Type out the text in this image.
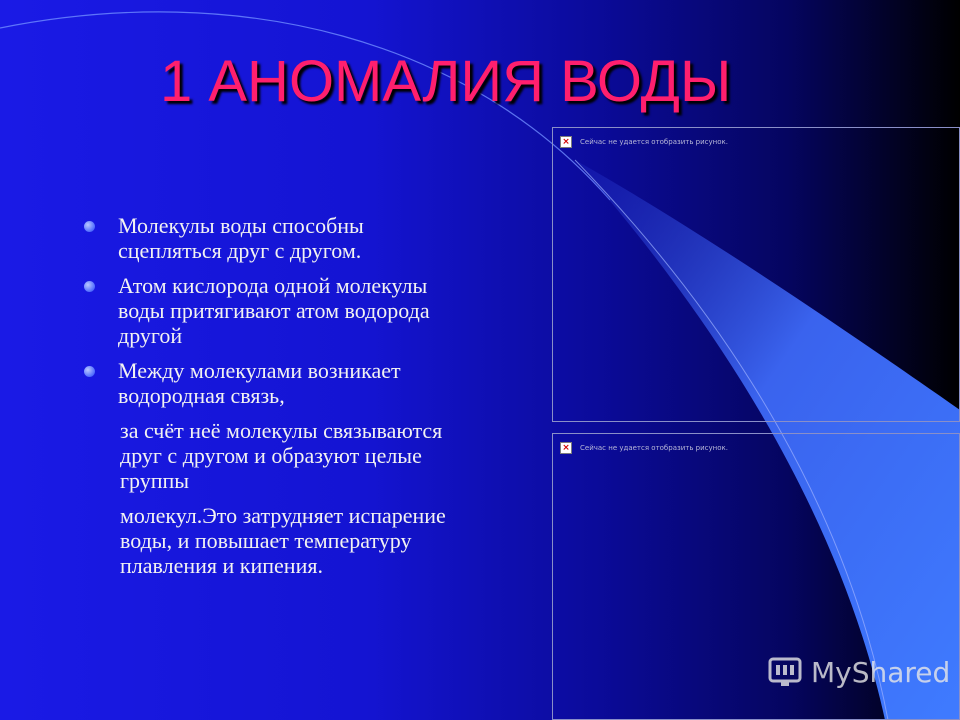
1 АНОМАЛИЯ ВОДЫ
Молекулы воды способны сцепляться друг с другом.
Атом кислорода одной молекулы воды притягивают атом водорода другой
Между молекулами возникает водородная связь,
за счёт неё молекулы связываются друг с другом и образуют целые группы
молекул.Это затрудняет испарение воды, и повышает температуру плавления и кипения.
×	Сейчас не удается отобразить рисунок.
×	Сейчас не удается отобразить рисунок.
MyShared
